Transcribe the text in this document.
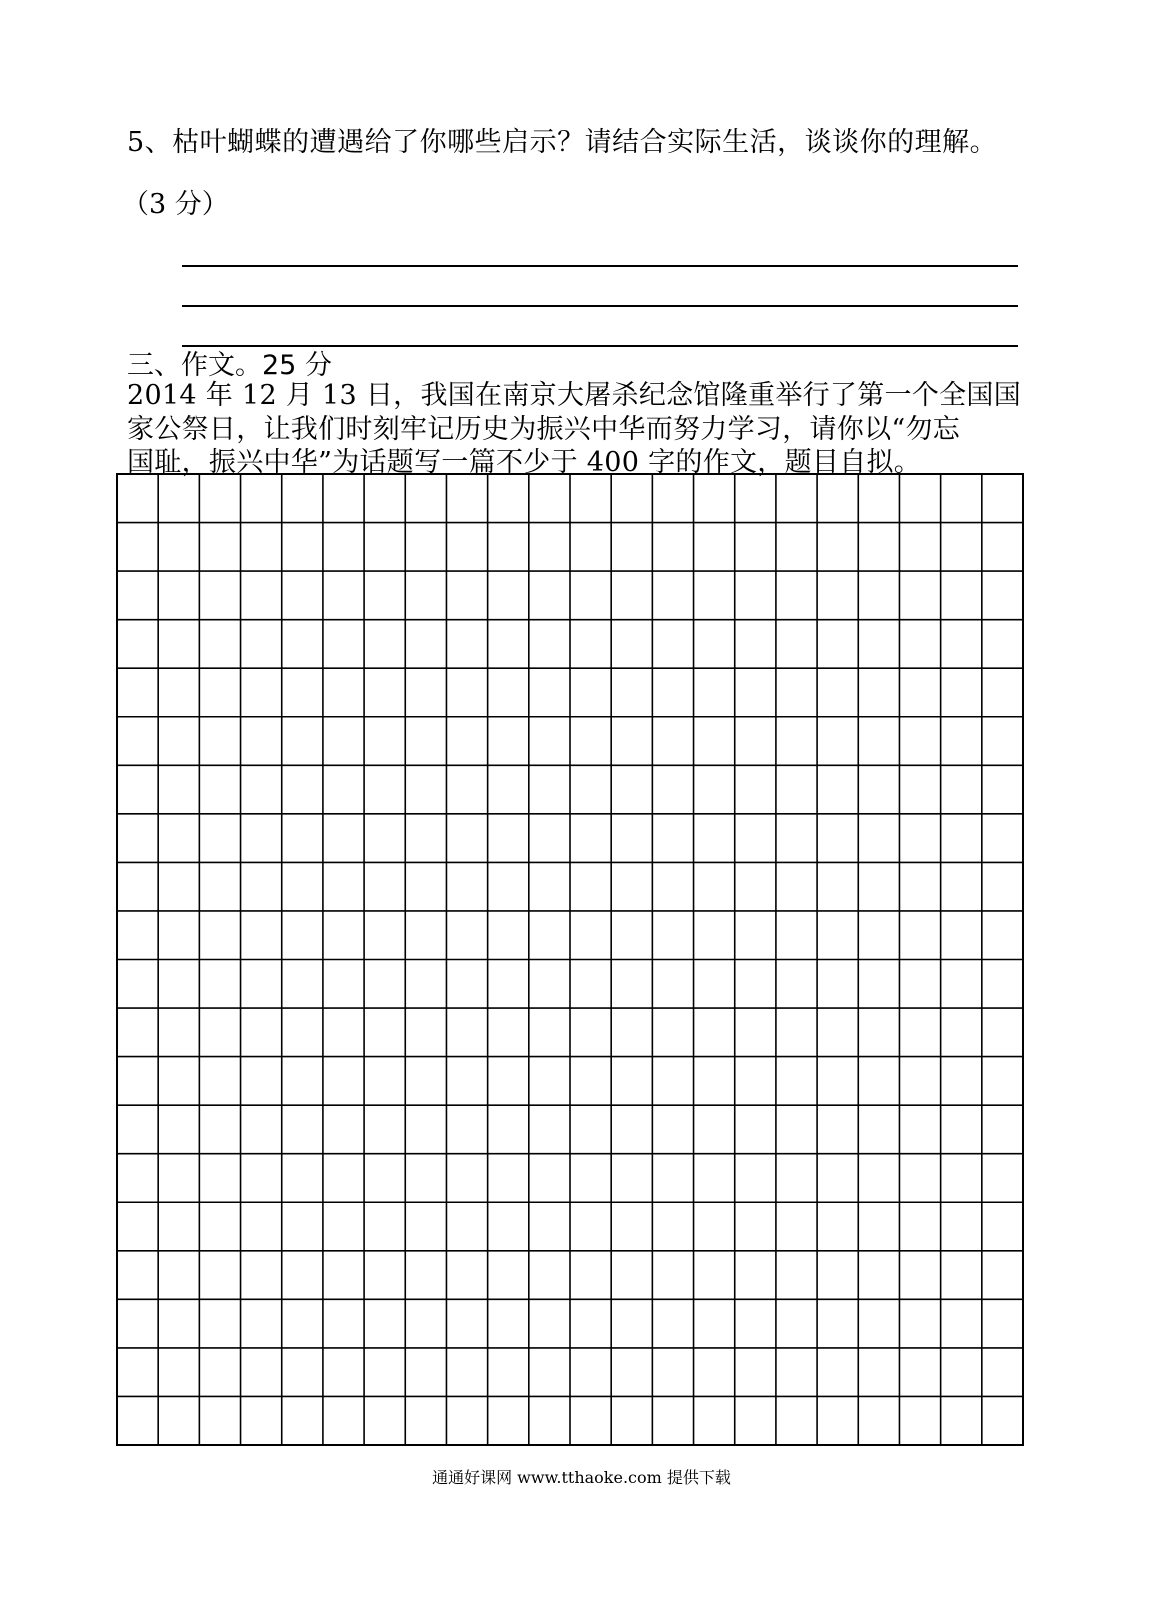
5、枯叶蝴蝶的遭遇给了你哪些启示？请结合实际生活，谈谈你的理解。
（3 分）
三、作文。25 分
2014 年 12 月 13 日，我国在南京大屠杀纪念馆隆重举行了第一个全国国
家公祭日，让我们时刻牢记历史为振兴中华而努力学习，请你以“勿忘
国耻，振兴中华”为话题写一篇不少于 400 字的作文，题目自拟。
通通好课网 www.tthaoke.com 提供下载
